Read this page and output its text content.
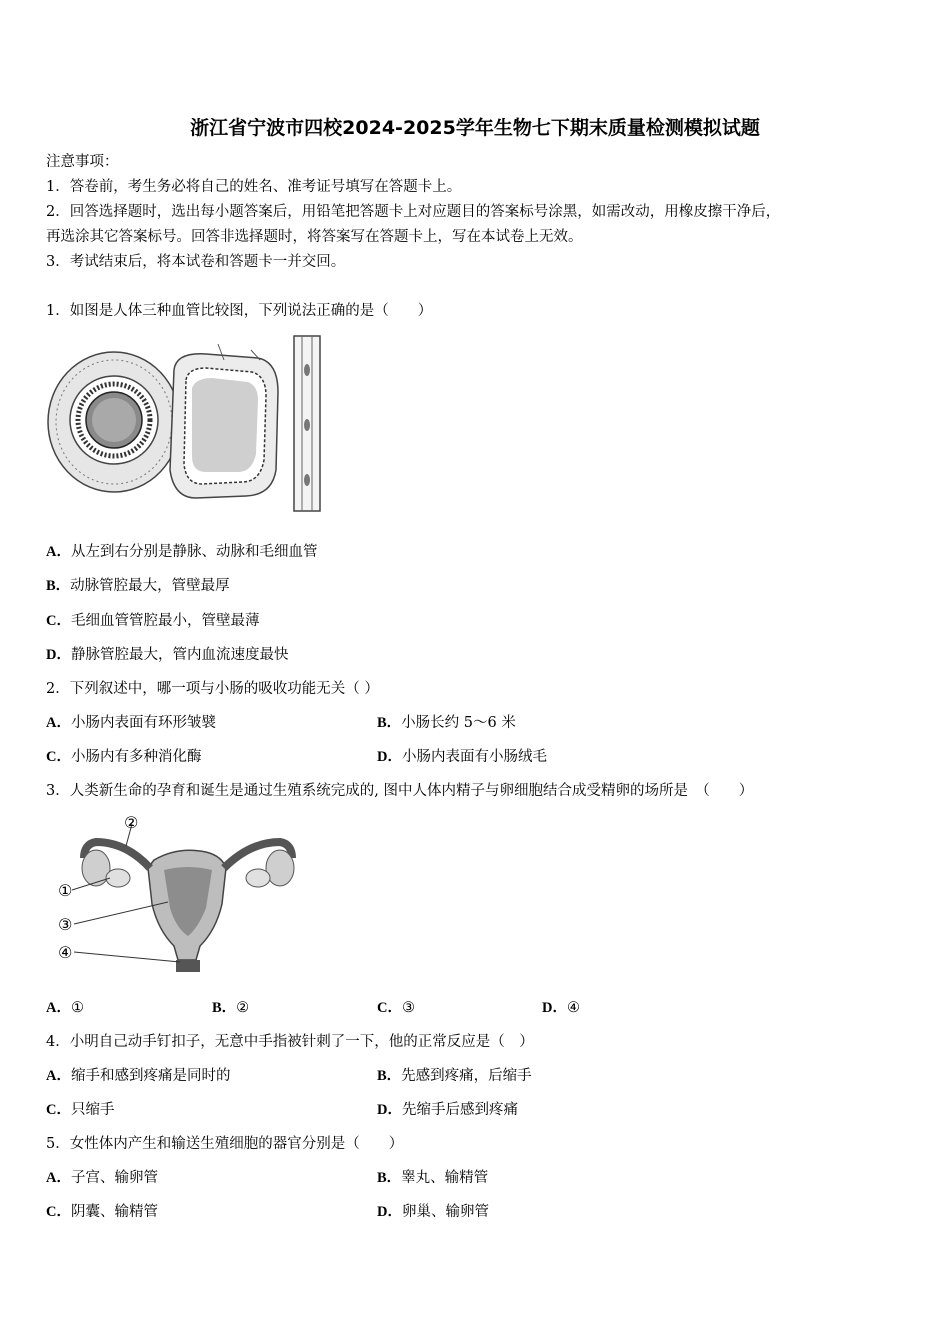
浙江省宁波市四校2024-2025学年生物七下期末质量检测模拟试题
注意事项：
1．答卷前，考生务必将自己的姓名、准考证号填写在答题卡上。
2．回答选择题时，选出每小题答案后，用铅笔把答题卡上对应题目的答案标号涂黑，如需改动，用橡皮擦干净后，
再选涂其它答案标号。回答非选择题时，将答案写在答题卡上，写在本试卷上无效。
3．考试结束后，将本试卷和答题卡一并交回。
1．如图是人体三种血管比较图，下列说法正确的是（　　）
A．从左到右分别是静脉、动脉和毛细血管
B．动脉管腔最大，管壁最厚
C．毛细血管管腔最小，管壁最薄
D．静脉管腔最大，管内血流速度最快
2．下列叙述中，哪一项与小肠的吸收功能无关（ ）
A．小肠内表面有环形皱襞	B．小肠长约 5～6 米
C．小肠内有多种消化酶	D．小肠内表面有小肠绒毛
3．人类新生命的孕育和诞生是通过生殖系统完成的, 图中人体内精子与卵细胞结合成受精卵的场所是　（　　）
①
②
③
④
A．①	B．②	C．③	D．④
4．小明自己动手钉扣子，无意中手指被针刺了一下，他的正常反应是（　）
A．缩手和感到疼痛是同时的	B．先感到疼痛，后缩手
C．只缩手	D．先缩手后感到疼痛
5．女性体内产生和输送生殖细胞的器官分别是（　　）
A．子宫、输卵管	B．睾丸、输精管
C．阴囊、输精管	D．卵巢、输卵管
